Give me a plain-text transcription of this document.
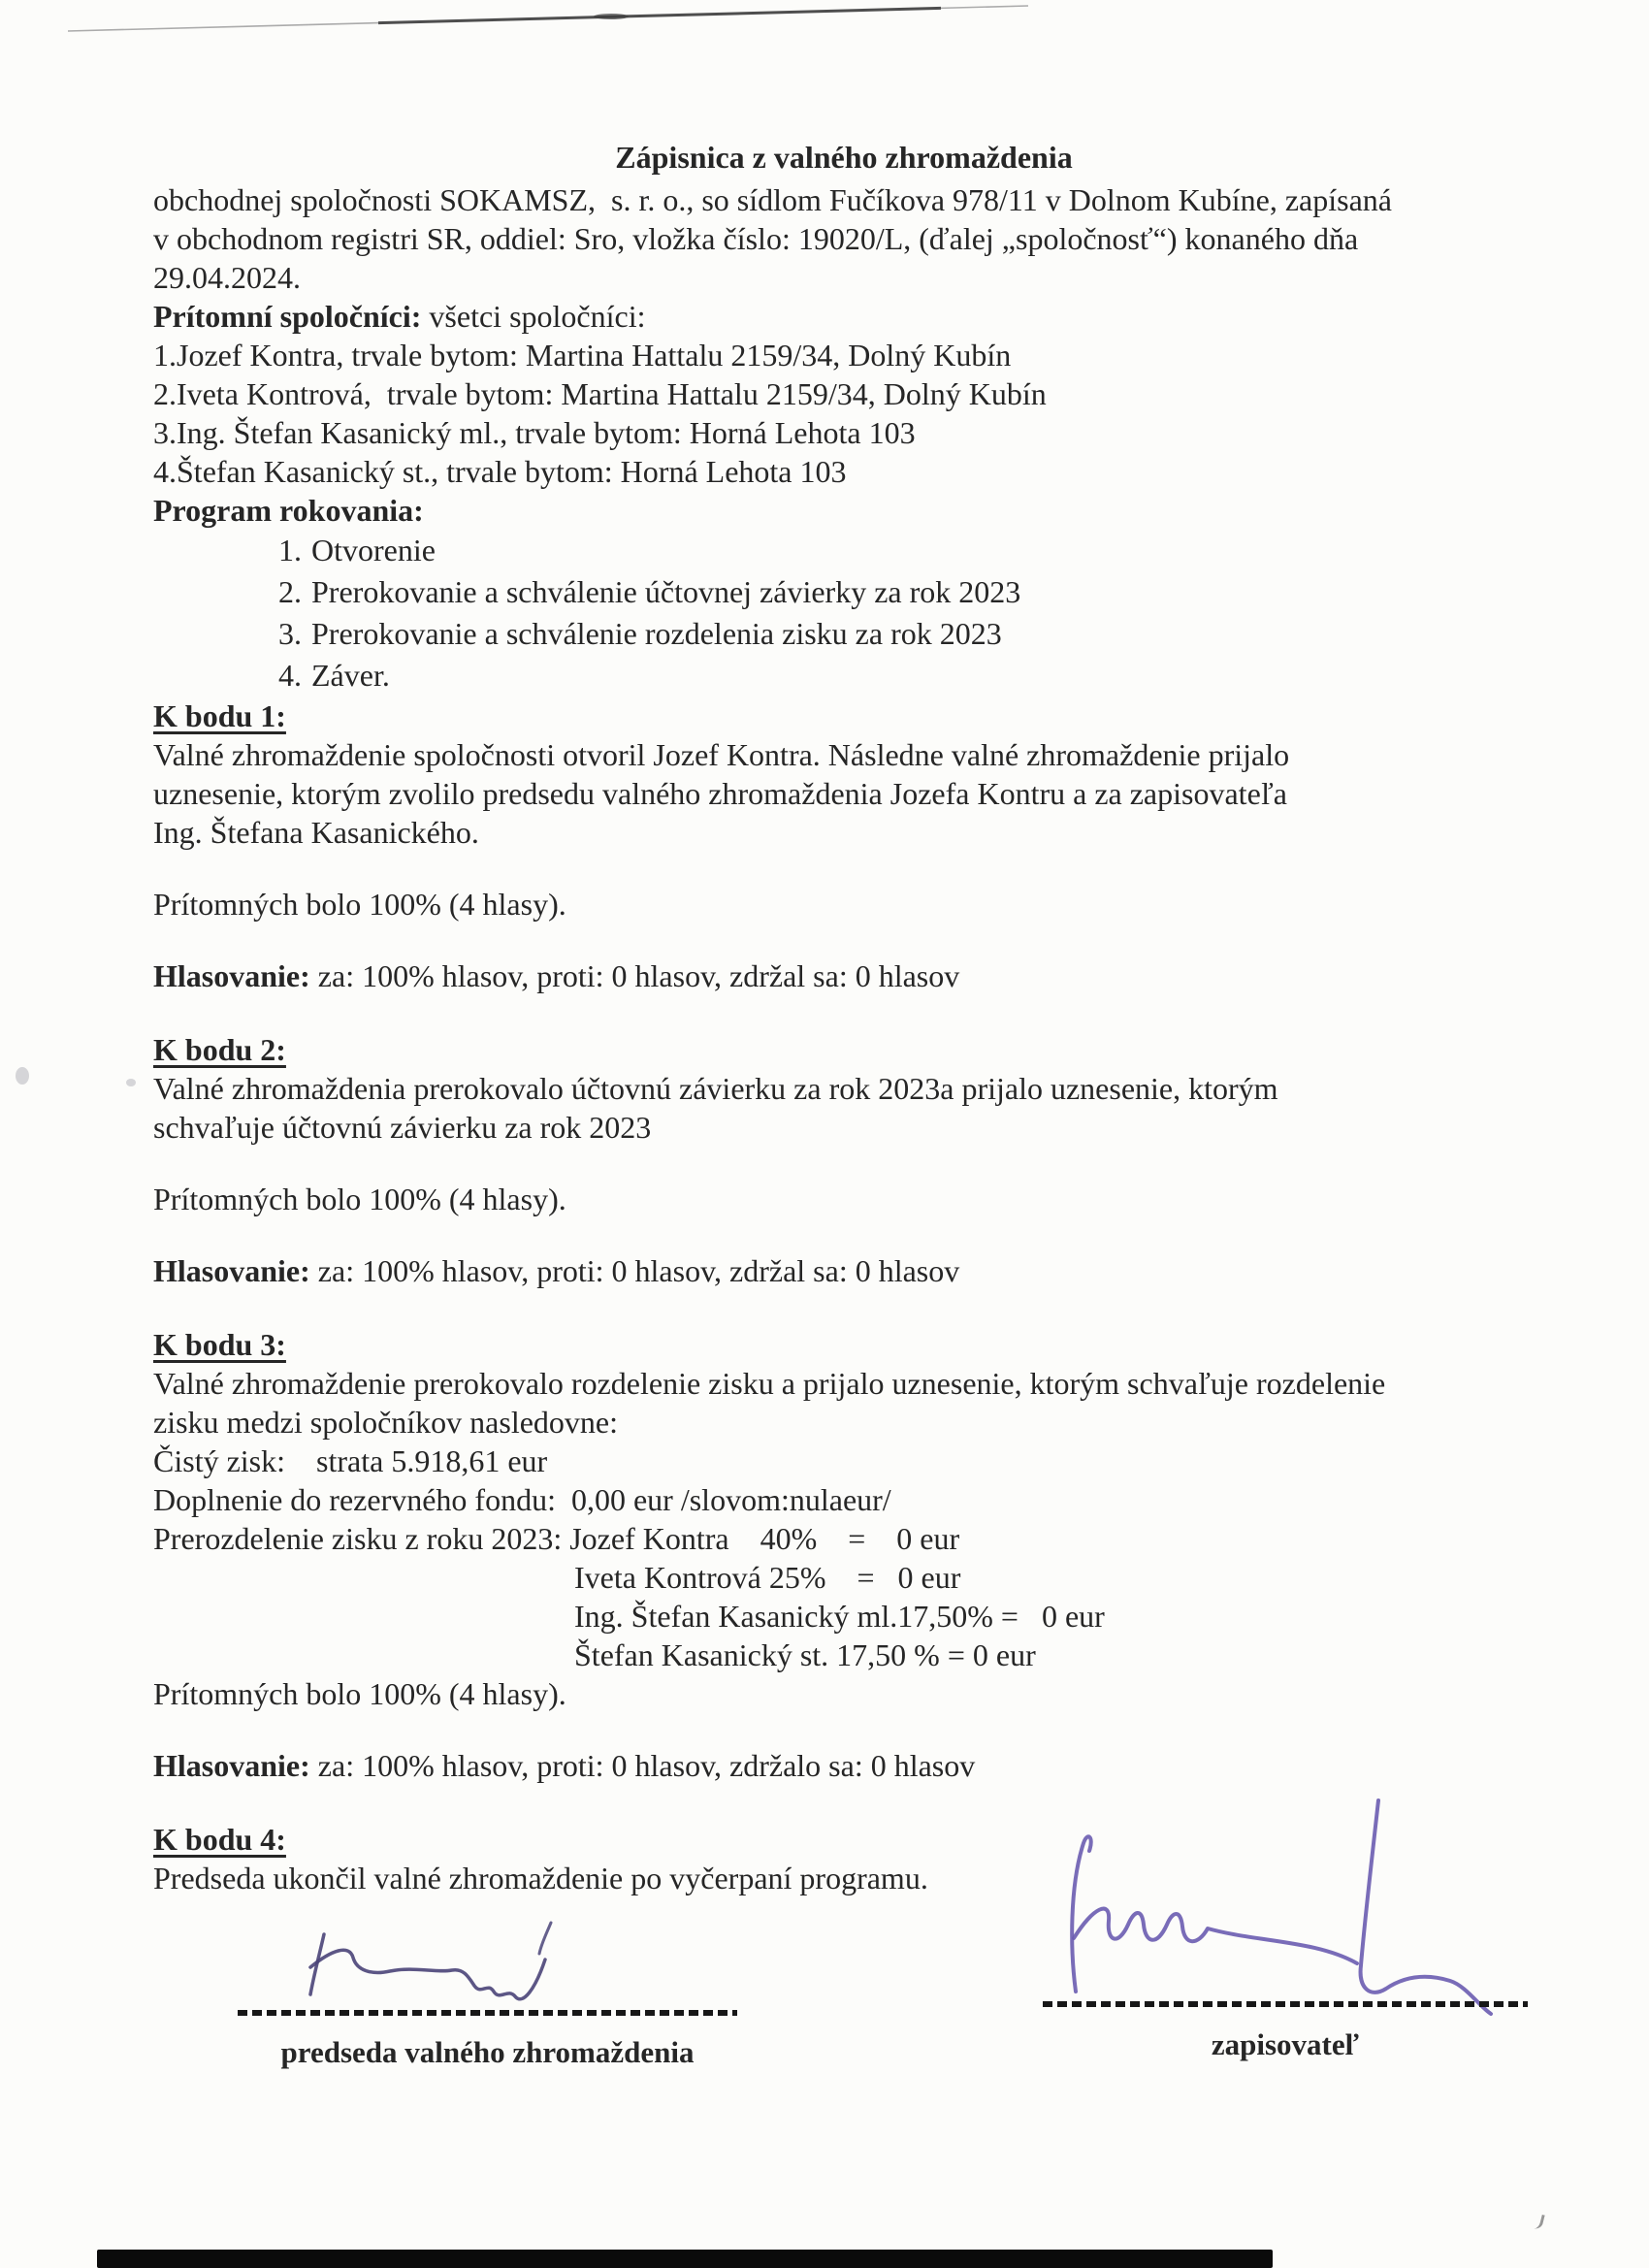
Zápisnica z valného zhromaždenia
obchodnej spoločnosti SOKAMSZ,  s. r. o., so sídlom Fučíkova 978/11 v Dolnom Kubíne, zapísaná
v obchodnom registri SR, oddiel: Sro, vložka číslo: 19020/L, (ďalej „spoločnosť“) konaného dňa
29.04.2024.
Prítomní spoločníci: všetci spoločníci:
1.Jozef Kontra, trvale bytom: Martina Hattalu 2159/34, Dolný Kubín
2.Iveta Kontrová,  trvale bytom: Martina Hattalu 2159/34, Dolný Kubín
3.Ing. Štefan Kasanický ml., trvale bytom: Horná Lehota 103
4.Štefan Kasanický st., trvale bytom: Horná Lehota 103
Program rokovania:
1. Otvorenie
2. Prerokovanie a schválenie účtovnej závierky za rok 2023
3. Prerokovanie a schválenie rozdelenia zisku za rok 2023
4. Záver.
K bodu 1:
Valné zhromaždenie spoločnosti otvoril Jozef Kontra. Následne valné zhromaždenie prijalo
uznesenie, ktorým zvolilo predsedu valného zhromaždenia Jozefa Kontru a za zapisovateľa
Ing. Štefana Kasanického.
Prítomných bolo 100% (4 hlasy).
Hlasovanie: za: 100% hlasov, proti: 0 hlasov, zdržal sa: 0 hlasov
K bodu 2:
Valné zhromaždenia prerokovalo účtovnú závierku za rok 2023a prijalo uznesenie, ktorým
schvaľuje účtovnú závierku za rok 2023
Prítomných bolo 100% (4 hlasy).
Hlasovanie: za: 100% hlasov, proti: 0 hlasov, zdržal sa: 0 hlasov
K bodu 3:
Valné zhromaždenie prerokovalo rozdelenie zisku a prijalo uznesenie, ktorým schvaľuje rozdelenie
zisku medzi spoločníkov nasledovne:
Čistý zisk:    strata 5.918,61 eur
Doplnenie do rezervného fondu:  0,00 eur /slovom:nulaeur/
Prerozdelenie zisku z roku 2023: Jozef Kontra    40%    =    0 eur
Iveta Kontrová 25%    =   0 eur
Ing. Štefan Kasanický ml.17,50% =   0 eur
Štefan Kasanický st. 17,50 % = 0 eur
Prítomných bolo 100% (4 hlasy).
Hlasovanie: za: 100% hlasov, proti: 0 hlasov, zdržalo sa: 0 hlasov
K bodu 4:
Predseda ukončil valné zhromaždenie po vyčerpaní programu.
predseda valného zhromaždenia	zapisovateľ
